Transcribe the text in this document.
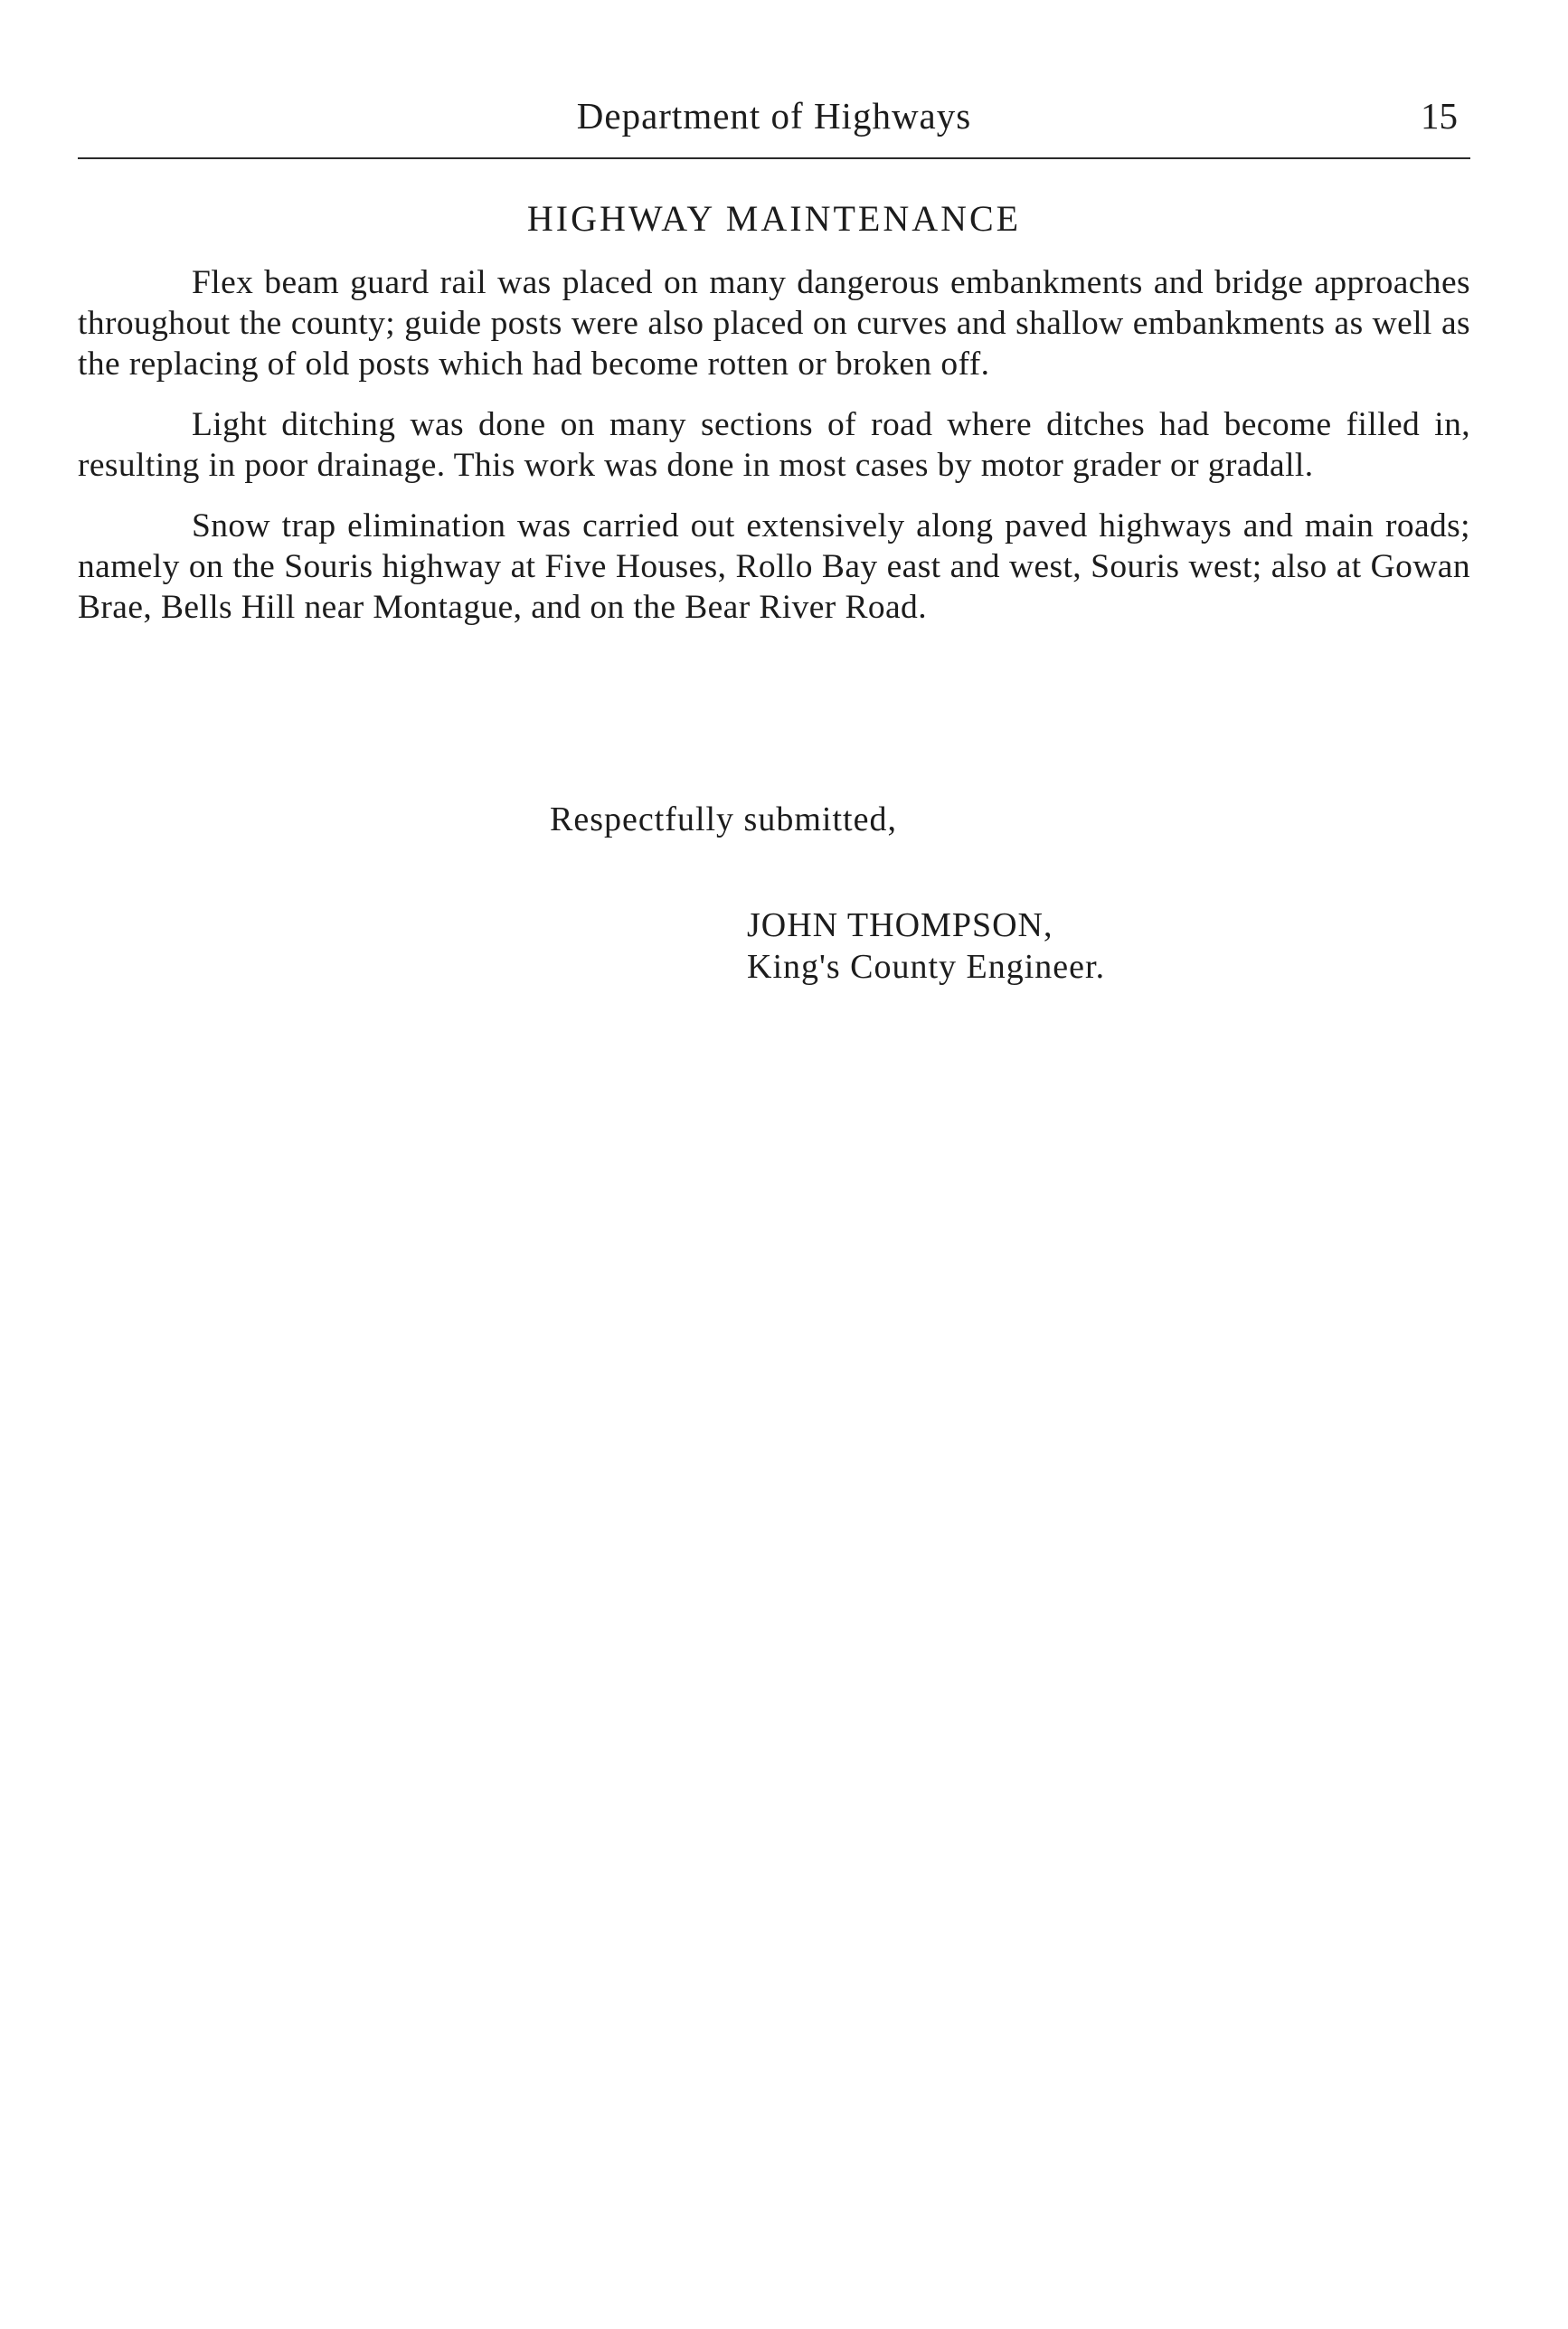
Department of Highways	15
HIGHWAY MAINTENANCE

Flex beam guard rail was placed on many dangerous embankments and bridge approaches throughout the county; guide posts were also placed on curves and shallow embankments as well as the replacing of old posts which had become rotten or broken off.

Light ditching was done on many sections of road where ditches had become filled in, resulting in poor drainage. This work was done in most cases by motor grader or gradall.

Snow trap elimination was carried out extensively along paved highways and main roads; namely on the Souris highway at Five Houses, Rollo Bay east and west, Souris west; also at Gowan Brae, Bells Hill near Montague, and on the Bear River Road.

Respectfully submitted,
JOHN THOMPSON,
King's County Engineer.
